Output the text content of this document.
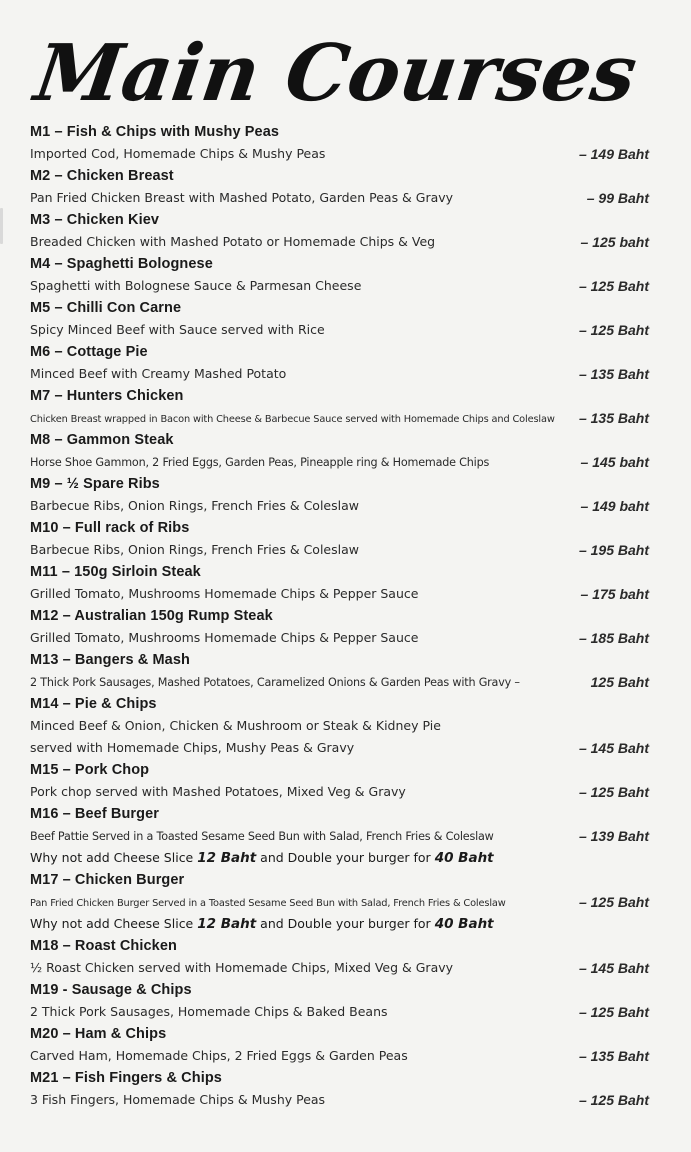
Main Courses
M1 – Fish & Chips with Mushy Peas
Imported Cod, Homemade Chips & Mushy Peas	– 149 Baht
M2 – Chicken Breast
Pan Fried Chicken Breast with Mashed Potato, Garden Peas & Gravy	– 99 Baht
M3 – Chicken Kiev
Breaded Chicken with Mashed Potato or Homemade Chips & Veg	– 125 baht
M4 – Spaghetti Bolognese
Spaghetti with Bolognese Sauce & Parmesan Cheese	– 125 Baht
M5 – Chilli Con Carne
Spicy Minced Beef with Sauce served with Rice	– 125 Baht
M6 – Cottage Pie
Minced Beef with Creamy Mashed Potato	– 135 Baht
M7 – Hunters Chicken
Chicken Breast wrapped in Bacon with Cheese & Barbecue Sauce served with Homemade Chips and Coleslaw – 135 Baht
M8 – Gammon Steak
Horse Shoe Gammon, 2 Fried Eggs, Garden Peas, Pineapple ring & Homemade Chips	– 145 baht
M9 – ½ Spare Ribs
Barbecue Ribs, Onion Rings, French Fries & Coleslaw	– 149 baht
M10 – Full rack of Ribs
Barbecue Ribs, Onion Rings, French Fries & Coleslaw	– 195 Baht
M11 – 150g Sirloin Steak
Grilled Tomato, Mushrooms Homemade Chips & Pepper Sauce	– 175 baht
M12 – Australian 150g Rump Steak
Grilled Tomato, Mushrooms Homemade Chips & Pepper Sauce	– 185 Baht
M13 – Bangers & Mash
2 Thick Pork Sausages, Mashed Potatoes, Caramelized Onions & Garden Peas with Gravy –	125 Baht
M14 – Pie & Chips
Minced Beef & Onion, Chicken & Mushroom or Steak & Kidney Pie
served with Homemade Chips, Mushy Peas & Gravy	– 145 Baht
M15 – Pork Chop
Pork chop served with Mashed Potatoes, Mixed Veg & Gravy	– 125 Baht
M16 – Beef Burger
Beef Pattie Served in a Toasted Sesame Seed Bun with Salad, French Fries & Coleslaw	– 139 Baht
Why not add Cheese Slice 12 Baht and Double your burger for 40 Baht
M17 – Chicken Burger
Pan Fried Chicken Burger Served in a Toasted Sesame Seed Bun with Salad, French Fries & Coleslaw	– 125 Baht
Why not add Cheese Slice 12 Baht and Double your burger for 40 Baht
M18 – Roast Chicken
½ Roast Chicken served with Homemade Chips, Mixed Veg & Gravy	– 145 Baht
M19 - Sausage & Chips
2 Thick Pork Sausages, Homemade Chips & Baked Beans	– 125 Baht
M20 – Ham & Chips
Carved Ham, Homemade Chips, 2 Fried Eggs & Garden Peas	– 135 Baht
M21 – Fish Fingers & Chips
3 Fish Fingers, Homemade Chips & Mushy Peas	– 125 Baht
